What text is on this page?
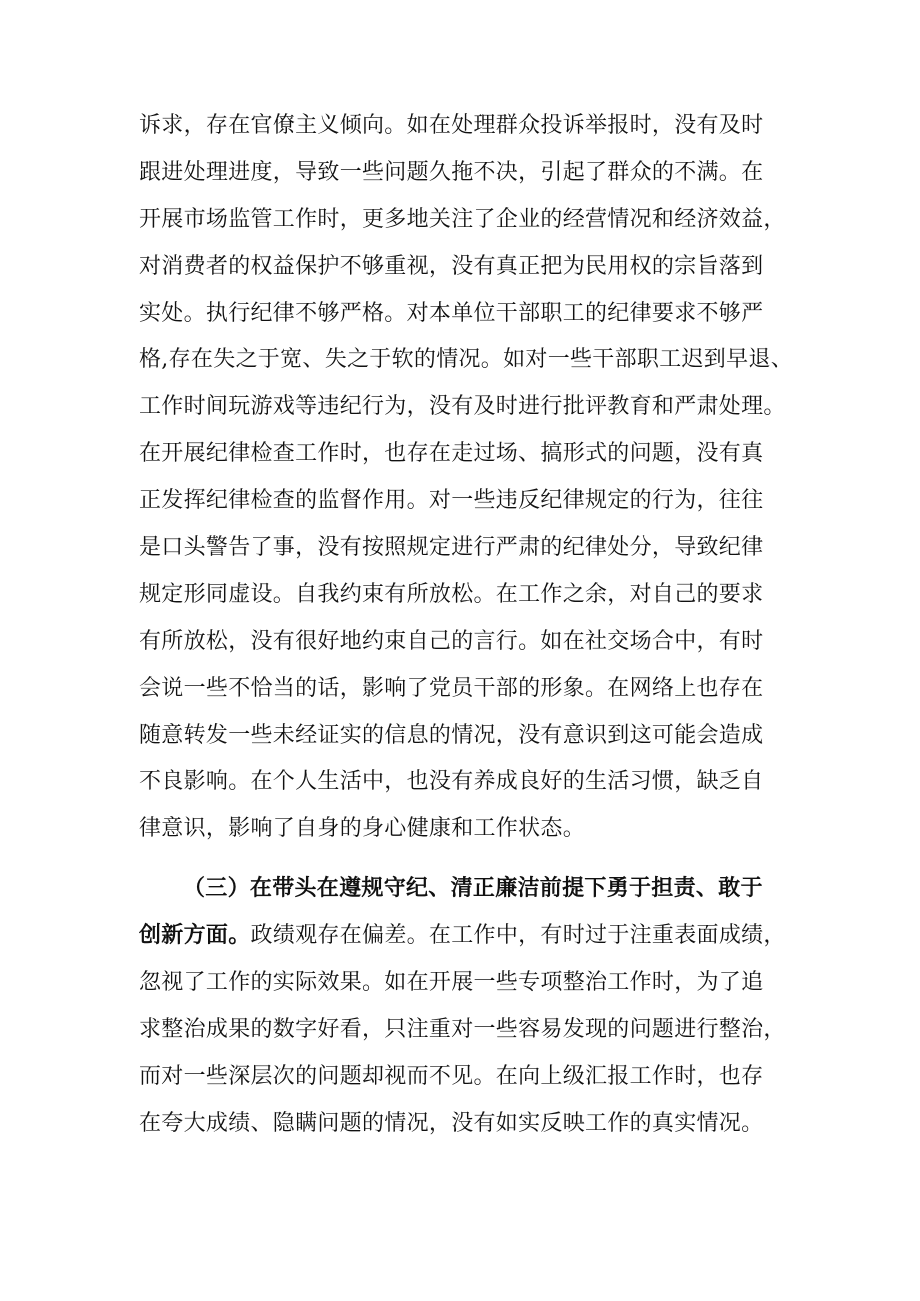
诉求，存在官僚主义倾向。如在处理群众投诉举报时，没有及时
跟进处理进度，导致一些问题久拖不决，引起了群众的不满。在
开展市场监管工作时，更多地关注了企业的经营情况和经济效益，
对消费者的权益保护不够重视，没有真正把为民用权的宗旨落到
实处。执行纪律不够严格。对本单位干部职工的纪律要求不够严
格,存在失之于宽、失之于软的情况。如对一些干部职工迟到早退、
工作时间玩游戏等违纪行为，没有及时进行批评教育和严肃处理。
在开展纪律检查工作时，也存在走过场、搞形式的问题，没有真
正发挥纪律检查的监督作用。对一些违反纪律规定的行为，往往
是口头警告了事，没有按照规定进行严肃的纪律处分，导致纪律
规定形同虚设。自我约束有所放松。在工作之余，对自己的要求
有所放松，没有很好地约束自己的言行。如在社交场合中，有时
会说一些不恰当的话，影响了党员干部的形象。在网络上也存在
随意转发一些未经证实的信息的情况，没有意识到这可能会造成
不良影响。在个人生活中，也没有养成良好的生活习惯，缺乏自
律意识，影响了自身的身心健康和工作状态。
（三）在带头在遵规守纪、清正廉洁前提下勇于担责、敢于
创新方面。政绩观存在偏差。在工作中，有时过于注重表面成绩，
忽视了工作的实际效果。如在开展一些专项整治工作时，为了追
求整治成果的数字好看，只注重对一些容易发现的问题进行整治，
而对一些深层次的问题却视而不见。在向上级汇报工作时，也存
在夸大成绩、隐瞒问题的情况，没有如实反映工作的真实情况。
